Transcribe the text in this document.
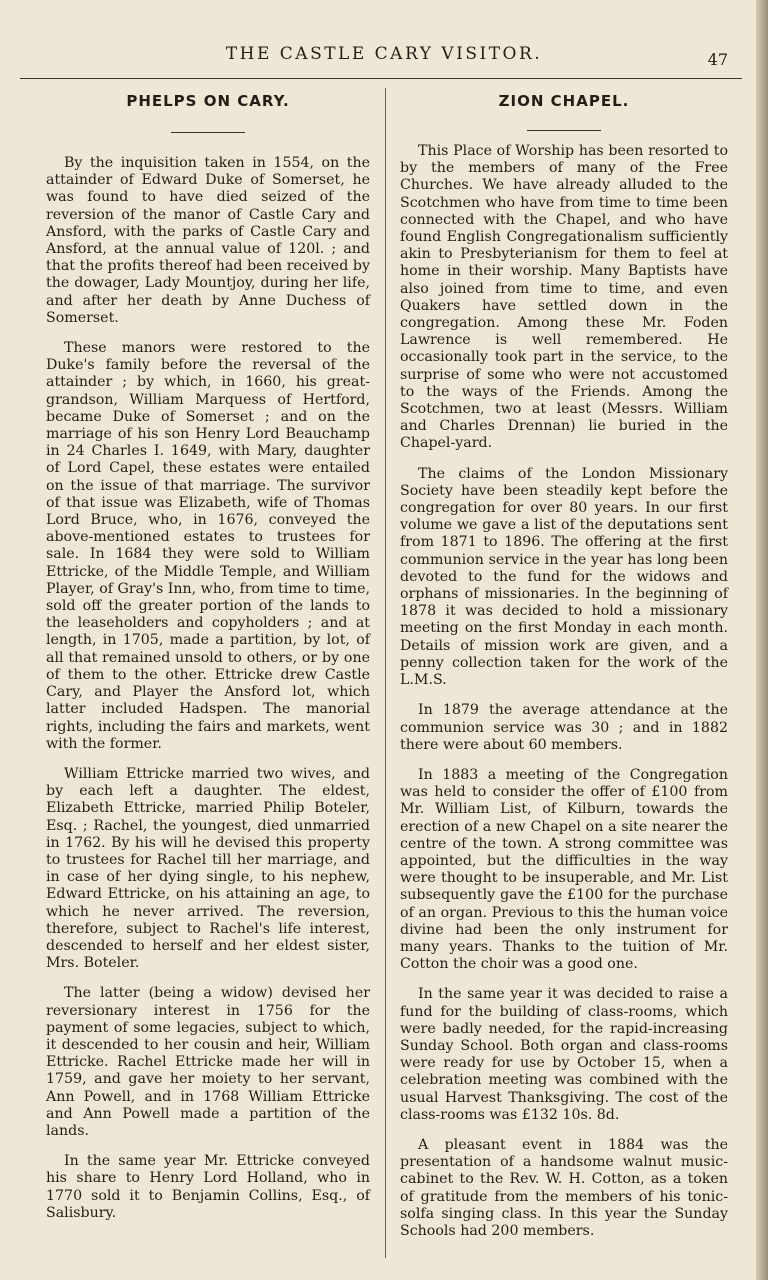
THE CASTLE CARY VISITOR.	47
PHELPS ON CARY.

By the inquisition taken in 1554, on the attainder of Edward Duke of Somerset, he was found to have died seized of the reversion of the manor of Castle Cary and Ansford, with the parks of Castle Cary and Ansford, at the annual value of 120l. ; and that the profits thereof had been received by the dowager, Lady Mountjoy, during her life, and after her death by Anne Duchess of Somerset.

These manors were restored to the Duke's family before the reversal of the attainder ; by which, in 1660, his great-grandson, William Marquess of Hertford, became Duke of Somerset ; and on the marriage of his son Henry Lord Beauchamp in 24 Charles I. 1649, with Mary, daughter of Lord Capel, these estates were entailed on the issue of that marriage. The survivor of that issue was Elizabeth, wife of Thomas Lord Bruce, who, in 1676, conveyed the above-mentioned estates to trustees for sale. In 1684 they were sold to William Ettricke, of the Middle Temple, and William Player, of Gray's Inn, who, from time to time, sold off the greater portion of the lands to the leaseholders and copyholders ; and at length, in 1705, made a partition, by lot, of all that remained unsold to others, or by one of them to the other. Ettricke drew Castle Cary, and Player the Ansford lot, which latter included Hadspen. The manorial rights, including the fairs and markets, went with the former.

William Ettricke married two wives, and by each left a daughter. The eldest, Elizabeth Ettricke, married Philip Boteler, Esq. ; Rachel, the youngest, died unmarried in 1762. By his will he devised this property to trustees for Rachel till her marriage, and in case of her dying single, to his nephew, Edward Ettricke, on his attaining an age, to which he never arrived. The reversion, therefore, subject to Rachel's life interest, descended to herself and her eldest sister, Mrs. Boteler.

The latter (being a widow) devised her reversionary interest in 1756 for the payment of some legacies, subject to which, it descended to her cousin and heir, William Ettricke. Rachel Ettricke made her will in 1759, and gave her moiety to her servant, Ann Powell, and in 1768 William Ettricke and Ann Powell made a partition of the lands.

In the same year Mr. Ettricke conveyed his share to Henry Lord Holland, who in 1770 sold it to Benjamin Collins, Esq., of Salisbury.

ZION CHAPEL.

This Place of Worship has been resorted to by the members of many of the Free Churches. We have already alluded to the Scotchmen who have from time to time been connected with the Chapel, and who have found English Congregationalism sufficiently akin to Presbyterianism for them to feel at home in their worship. Many Baptists have also joined from time to time, and even Quakers have settled down in the congregation. Among these Mr. Foden Lawrence is well remembered. He occasionally took part in the service, to the surprise of some who were not accustomed to the ways of the Friends. Among the Scotchmen, two at least (Messrs. William and Charles Drennan) lie buried in the Chapel-yard.

The claims of the London Missionary Society have been steadily kept before the congregation for over 80 years. In our first volume we gave a list of the deputations sent from 1871 to 1896. The offering at the first communion service in the year has long been devoted to the fund for the widows and orphans of missionaries. In the beginning of 1878 it was decided to hold a missionary meeting on the first Monday in each month. Details of mission work are given, and a penny collection taken for the work of the L.M.S.

In 1879 the average attendance at the communion service was 30 ; and in 1882 there were about 60 members.

In 1883 a meeting of the Congregation was held to consider the offer of £100 from Mr. William List, of Kilburn, towards the erection of a new Chapel on a site nearer the centre of the town. A strong committee was appointed, but the difficulties in the way were thought to be insuperable, and Mr. List subsequently gave the £100 for the purchase of an organ. Previous to this the human voice divine had been the only instrument for many years. Thanks to the tuition of Mr. Cotton the choir was a good one.

In the same year it was decided to raise a fund for the building of class-rooms, which were badly needed, for the rapid-increasing Sunday School. Both organ and class-rooms were ready for use by October 15, when a celebration meeting was combined with the usual Harvest Thanksgiving. The cost of the class-rooms was £132 10s. 8d.

A pleasant event in 1884 was the presentation of a handsome walnut music-cabinet to the Rev. W. H. Cotton, as a token of gratitude from the members of his tonic-solfa singing class. In this year the Sunday Schools had 200 members.
